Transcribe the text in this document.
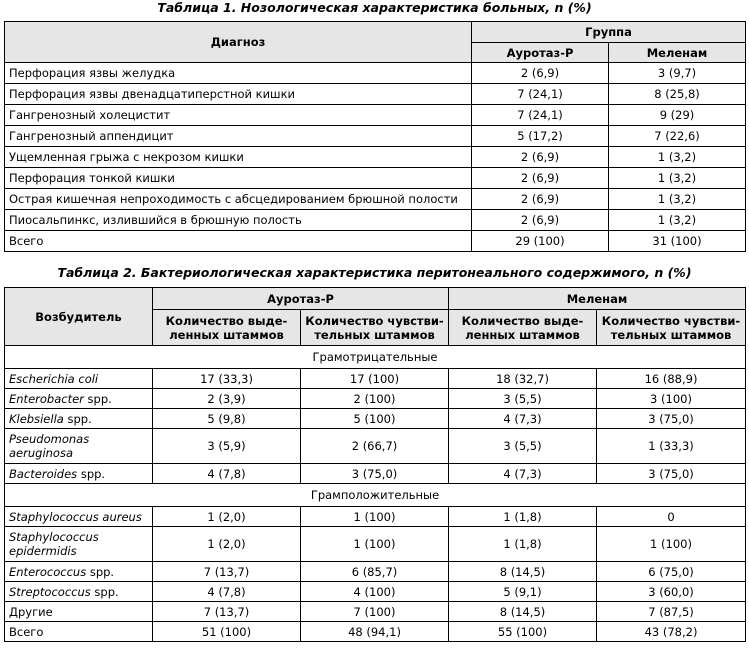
Таблица 1. Нозологическая характеристика больных, n (%)
Диагноз	Группа	
	Ауротаз-Р	Меленам
Перфорация язвы желудка	2 (6,9)	3 (9,7)
Перфорация язвы двенадцатиперстной кишки	7 (24,1)	8 (25,8)
Гангренозный холецистит	7 (24,1)	9 (29)
Гангренозный аппендицит	5 (17,2)	7 (22,6)
Ущемленная грыжа с некрозом кишки	2 (6,9)	1 (3,2)
Перфорация тонкой кишки	2 (6,9)	1 (3,2)
Острая кишечная непроходимость с абсцедированием брюшной полости	2 (6,9)	1 (3,2)
Пиосальпинкс, излившийся в брюшную полость	2 (6,9)	1 (3,2)
Всего	29 (100)	31 (100)
Таблица 2. Бактериологическая характеристика перитонеального содержимого, n (%)
Возбудитель	Ауротаз-Р		Меленам	
	Количество выде-ленных штаммов	Количество чувстви-тельных штаммов	Количество выде-ленных штаммов	Количество чувстви-тельных штаммов
Грамотрицательные				
Escherichia coli	17 (33,3)	17 (100)	18 (32,7)	16 (88,9)
Enterobacter spp.	2 (3,9)	2 (100)	3 (5,5)	3 (100)
Klebsiella spp.	5 (9,8)	5 (100)	4 (7,3)	3 (75,0)
Pseudomonas aeruginosa	3 (5,9)	2 (66,7)	3 (5,5)	1 (33,3)
Bacteroides spp.	4 (7,8)	3 (75,0)	4 (7,3)	3 (75,0)
Грамположительные				
Staphylococcus aureus	1 (2,0)	1 (100)	1 (1,8)	0
Staphylococcus epidermidis	1 (2,0)	1 (100)	1 (1,8)	1 (100)
Enterococcus spp.	7 (13,7)	6 (85,7)	8 (14,5)	6 (75,0)
Streptococcus spp.	4 (7,8)	4 (100)	5 (9,1)	3 (60,0)
Другие	7 (13,7)	7 (100)	8 (14,5)	7 (87,5)
Всего	51 (100)	48 (94,1)	55 (100)	43 (78,2)
